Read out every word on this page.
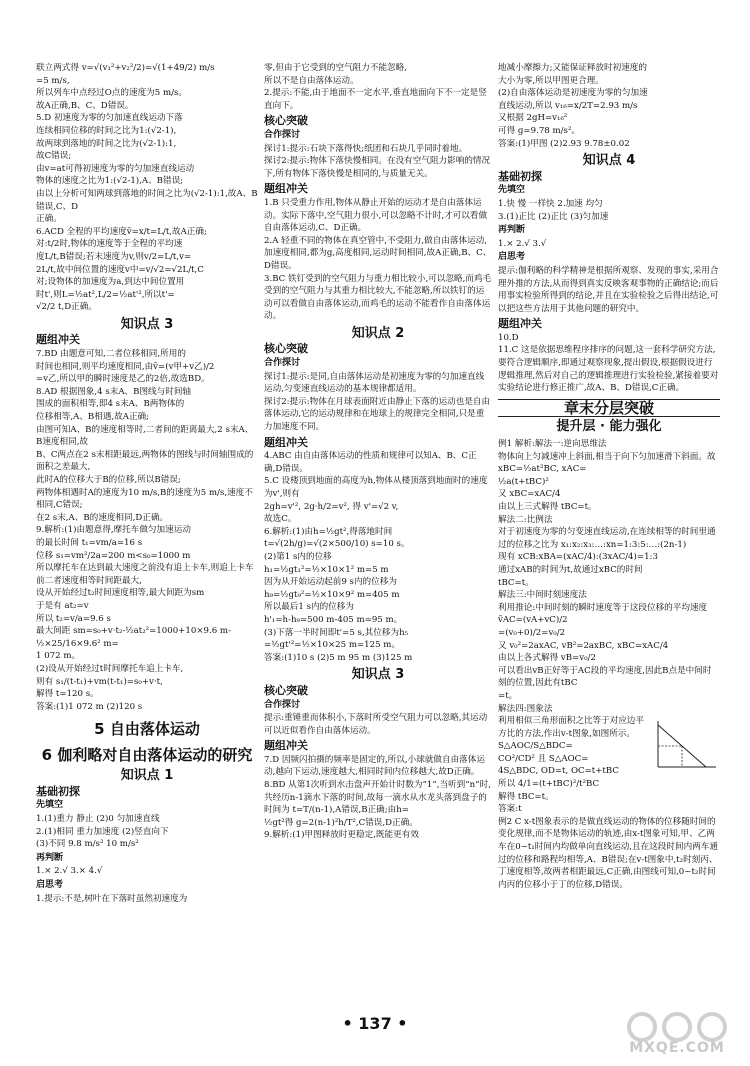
联立两式得 v=√(v₁²+v₂²/2)=√(1+49/2) m/s

=5 m/s,

所以列车中点经过O点的速度为5 m/s。

故A正确,B、C、D错误。

5.D 初速度为零的匀加速直线运动下落

连续相同位移的时间之比为1:(√2-1),

故两球到落地的时间之比为(√2-1):1,

故C错误;

由v=at可得初速度为零的匀加速直线运动

物体的速度之比为1:(√2-1),A、B错误;

由以上分析可知两球到落地的时间之比为(√2-1):1,故A、B错误,C、D

正确。

6.ACD 全程的平均速度v̄=x/t=L/t,故A正确;

对:t/2时,物体的速度等于全程的平均速

度L/t,B错误;若末速度为v,则v/2=L/t,v=

2L/t,故中间位置的速度v中=v/√2=√2L/t,C

对;设物体的加速度为a,到达中间位置用

时t',则L=½at²,L/2=½at'²,所以t'=

√2/2 t,D正确。

知识点 3
题组冲关

7.BD 由题意可知,二者位移相同,所用的

时间也相同,则平均速度相同,由v̄=(v甲+v乙)/2

=v乙,所以甲的瞬时速度是乙的2倍,故选BD。

8.AD 根据图象,4 s末A、B图线与时间轴

围成的面积相等,即4 s末A、B两物体的

位移相等,A、B相遇,故A正确;

由图可知A、B的速度相等时,二者间的距离最大,2 s末A、B速度相同,故

B、C两点在2 s末相距最远,两物体的图线与时间轴围成的面积之差最大,

此时A的位移大于B的位移,所以B错误;

两物体相遇时A的速度为10 m/s,B的速度为5 m/s,速度不相同,C错误;

在2 s末,A、B的速度相同,D正确。

9.解析:(1)由题意得,摩托车做匀加速运动

的最长时间 t₁=vm/a=16 s

位移 s₁=vm²/2a=200 m<s₀=1000 m

所以摩托车在达到最大速度之前没有追上卡车,则追上卡车前二者速度相等时间距最大,

设从开始经过t₂时间速度相等,最大间距为sm

于是有 at₂=v

所以 t₂=v/a=9.6 s

最大间距 sm=s₀+v·t₂-½at₂²=1000+10×9.6 m-½×25/16×9.6² m=

1 072 m。

(2)设从开始经过t时间摩托车追上卡车,

则有 s₁/(t-t₁)+vm(t-t₁)=s₀+v·t,

解得 t=120 s。

答案:(1)1 072 m (2)120 s

5 自由落体运动
6 伽利略对自由落体运动的研究
知识点 1
基础初探
先填空

1.(1)重力 静止 (2)0 匀加速直线

2.(1)相同 重力加速度 (2)竖直向下

(3)不同 9.8 m/s² 10 m/s²

再判断

1.× 2.√ 3.× 4.√

启思考

1.提示:不是,树叶在下落时虽然初速度为

零,但由于它受到的空气阻力不能忽略,

所以不是自由落体运动。

2.提示:不能,由于地面不一定水平,垂直地面向下不一定是竖直向下。

核心突破
合作探讨

探讨1:提示:石块下落得快;纸团和石块几乎同时着地。

探讨2:提示:物体下落快慢相同。在没有空气阻力影响的情况下,所有物体下落快慢是相同的,与质量无关。

题组冲关

1.B 只受重力作用,物体从静止开始的运动才是自由落体运动。实际下落中,空气阻力很小,可以忽略不计时,才可以看做自由落体运动,C、D正确。

2.A 轻重不同的物体在真空管中,不受阻力,做自由落体运动,加速度相同,都为g,高度相同,运动时间相同,故A正确,B、C、D错误。

3.BC 铁钉受到的空气阻力与重力相比较小,可以忽略,而鸡毛受到的空气阻力与其重力相比较大,不能忽略,所以铁钉的运动可以看做自由落体运动,而鸡毛的运动不能看作自由落体运动。

知识点 2
核心突破
合作探讨

探讨1:提示:是同,自由落体运动是初速度为零的匀加速直线运动,匀变速直线运动的基本规律都适用。

探讨2:提示:物体在月球表面附近由静止下落的运动也是自由落体运动,它的运动规律和在地球上的规律完全相同,只是重力加速度不同。

题组冲关

4.ABC 由自由落体运动的性质和规律可以知A、B、C正确,D错误。

5.C 设楼顶到地面的高度为h,物体从楼顶落到地面时的速度为v',则有

2gh=v'², 2g·h/2=v², 得 v'=√2 v,

故选C。

6.解析:(1)由h=½gt²,得落地时间

t=√(2h/g)=√(2×500/10) s=10 s。

(2)第1 s内的位移

h₁=½gt₁²=½×10×1² m=5 m

因为从开始运动起前9 s内的位移为

h₉=½gt₉²=½×10×9² m=405 m

所以最后1 s内的位移为

h'₁=h-h₉=500 m-405 m=95 m。

(3)下落一半时间即t'=5 s,其位移为h₅

=½gt'²=½×10×25 m=125 m。

答案:(1)10 s (2)5 m 95 m (3)125 m

知识点 3
核心突破
合作探讨

提示:重锤重而体积小,下落时所受空气阻力可以忽略,其运动可以近似看作自由落体运动。

题组冲关

7.D 因频闪拍摄的频率是固定的,所以,小球就做自由落体运动,越向下运动,速度越大,相同时间内位移越大,故D正确。

8.BD 从第1次听到水击盘声开始计时数为“1”,当听到“n”时,共经历n-1滴水下落的时间,故每一滴水从水龙头落到盘子的时间为 t=T/(n-1),A错误,B正确;由h=

½gt²得 g=2(n-1)²h/T²,C错误,D正确。

9.解析:(1)甲图释放时更稳定,既能更有效

地减小摩擦力;又能保证释放时初速度的

大小为零,所以甲图更合理。

(2)自由落体运动是初速度为零的匀加速

直线运动,所以 v₁₆=x/2T=2.93 m/s

又根据 2gH=v₁₆²

可得 g=9.78 m/s²。

答案:(1)甲图 (2)2.93 9.78±0.02

知识点 4
基础初探
先填空

1.快 慢 一样快 2.加速 均匀

3.(1)正比 (2)正比 (3)匀加速

再判断

1.× 2.√ 3.√

启思考

提示:伽利略的科学精神是根据所观察、发现的事实,采用合理外推的方法,从而得到真实反映客观事物的正确结论;而后用事实检验所得到的结论,并且在实验检验之后得出结论,可以把这些方法用于其他问题的研究中。

题组冲关

10.D

11.C 这是依据思维程序排序的问题,这一套科学研究方法,要符合逻辑顺序,即通过观察现象,提出假设,根据假设进行逻辑推理,然后对自己的逻辑推理进行实验检验,紧接着要对实验结论进行修正推广,故A、B、D错误,C正确。

章末分层突破
提升层 · 能力强化

例1 解析:解法一:逆向思维法

物体向上匀减速冲上斜面,相当于向下匀加速滑下斜面。故 xBC=½at²BC, xAC=

½a(t+tBC)²

又 xBC=xAC/4

由以上三式解得 tBC=t。

解法二:比例法

对于初速度为零的匀变速直线运动,在连续相等的时间里通过的位移之比为 x₁:x₂:x₃:…:xn=1:3:5:…:(2n-1)

现有 xCB:xBA=(xAC/4):(3xAC/4)=1:3

通过xAB的时间为t,故通过xBC的时间

tBC=t。

解法三:中间时刻速度法

利用推论:中间时刻的瞬时速度等于这段位移的平均速度 v̄AC=(vA+vC)/2

=(v₀+0)/2=v₀/2

又 v₀²=2axAC, vB²=2axBC, xBC=xAC/4

由以上各式解得 vB=v₀/2

可以看出vB正好等于AC段的平均速度,因此B点是中间时刻的位置,因此有tBC

=t。

解法四:图象法

利用相似三角形面积之比等于对应边平方比的方法,作出v-t图象,如图所示。S△AOC/S△BDC=

CO²/CD² 且 S△AOC=

4S△BDC, OD=t, OC=t+tBC

所以 4/1=(t+tBC)²/t²BC

解得 tBC=t。

答案:t

例2 C x-t图象表示的是做直线运动的物体的位移随时间的变化规律,而不是物体运动的轨迹,由x-t图象可知,甲、乙两车在0~t₁时间内均做单向直线运动,且在这段时间内两车通过的位移和路程均相等,A、B错误;在v-t图象中,t₂时刻丙、丁速度相等,故两者相距最远,C正确,由图线可知,0~t₂时间内丙的位移小于丁的位移,D错误。

• 137 •
MXQE.COM
